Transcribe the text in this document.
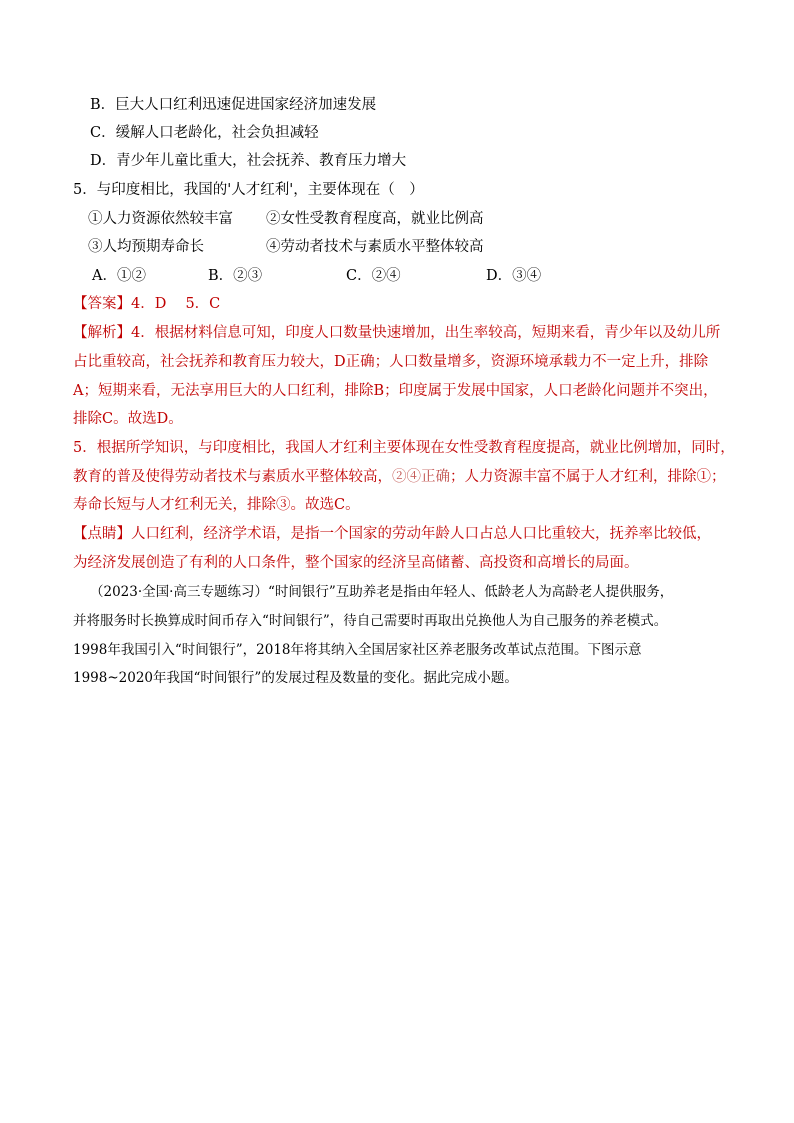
B．巨大人口红利迅速促进国家经济加速发展
C．缓解人口老龄化，社会负担减轻
D．青少年儿童比重大，社会抚养、教育压力增大
5．与印度相比，我国的'人才红利'，主要体现在（　）
①人力资源依然较丰富 ②女性受教育程度高，就业比例高
③人均预期寿命长	④劳动者技术与素质水平整体较高
A．①②	B．②③	C．②④	D．③④
【答案】4．D　 5．C
【解析】4．根据材料信息可知，印度人口数量快速增加，出生率较高，短期来看，青少年以及幼儿所
占比重较高，社会抚养和教育压力较大，D正确；人口数量增多，资源环境承载力不一定上升，排除
A；短期来看，无法享用巨大的人口红利，排除B；印度属于发展中国家，人口老龄化问题并不突出，
排除C。故选D。
5．根据所学知识，与印度相比，我国人才红利主要体现在女性受教育程度提高，就业比例增加，同时，
教育的普及使得劳动者技术与素质水平整体较高，②④正确；人力资源丰富不属于人才红利，排除①；
寿命长短与人才红利无关，排除③。故选C。
【点睛】人口红利，经济学术语，是指一个国家的劳动年龄人口占总人口比重较大，抚养率比较低，
为经济发展创造了有利的人口条件，整个国家的经济呈高储蓄、高投资和高增长的局面。
（2023·全国·高三专题练习）“时间银行”互助养老是指由年轻人、低龄老人为高龄老人提供服务，
并将服务时长换算成时间币存入“时间银行”，待自己需要时再取出兑换他人为自己服务的养老模式。
1998年我国引入“时间银行”，2018年将其纳入全国居家社区养老服务改革试点范围。下图示意
1998~2020年我国“时间银行”的发展过程及数量的变化。据此完成小题。
